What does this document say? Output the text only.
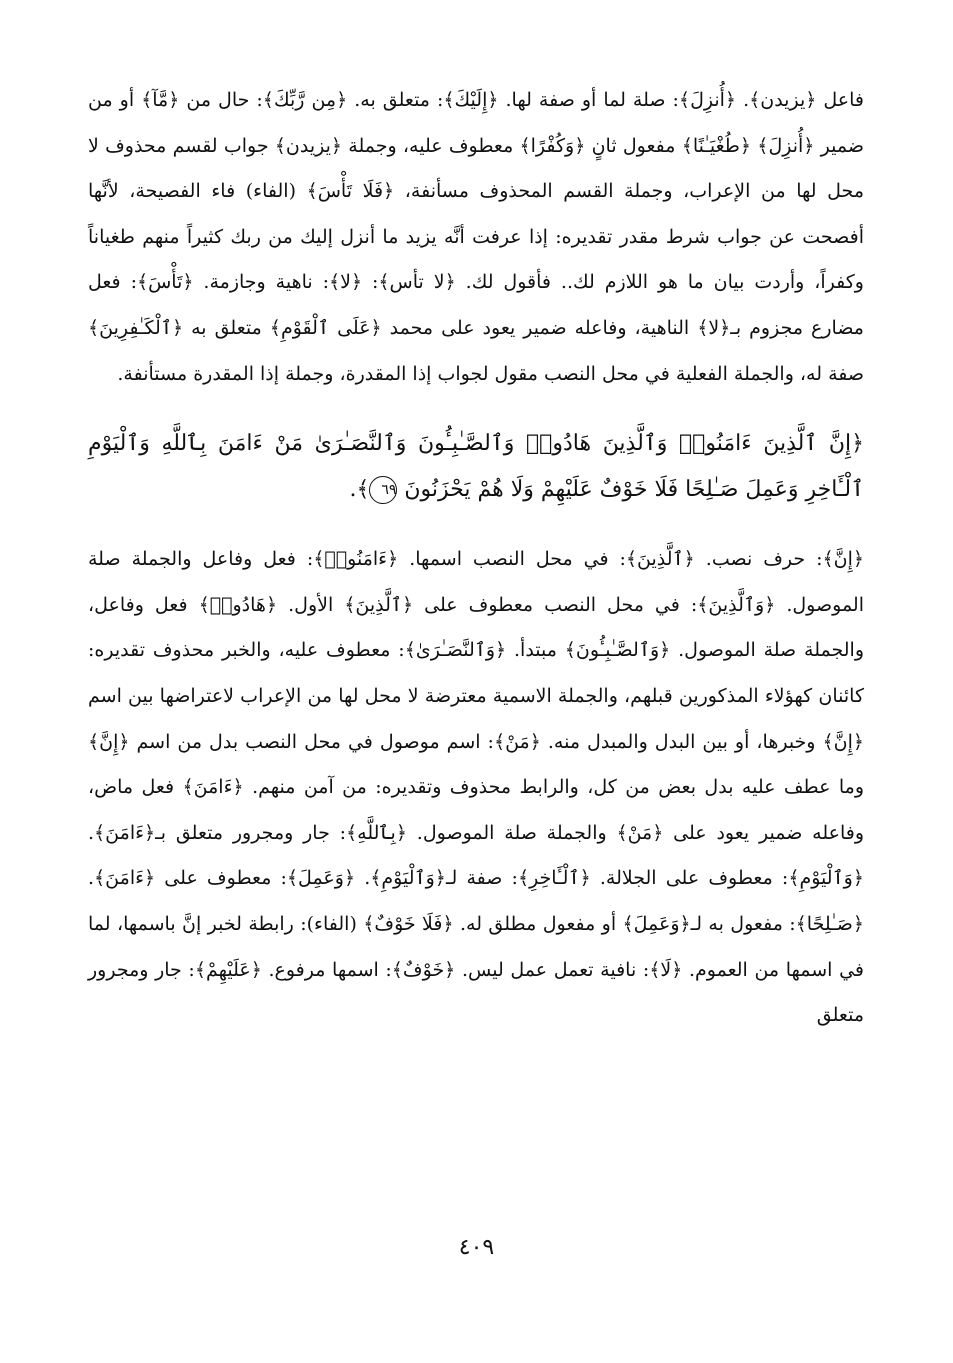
فاعل ﴿يزيدن﴾. ﴿أُنزِلَ﴾: صلة لما أو صفة لها. ﴿إِلَيْكَ﴾: متعلق به. ﴿مِن رَّبِّكَ﴾: حال من ﴿مَّآ﴾ أو من ضمير ﴿أُنزِلَ﴾ ﴿طُغْيَـٰنًا﴾ مفعول ثانٍ ﴿وَكُفْرًا﴾ معطوف عليه، وجملة ﴿يزيدن﴾ جواب لقسم محذوف لا محل لها من الإعراب، وجملة القسم المحذوف مسأنفة، ﴿فَلَا تَأْسَ﴾ (الفاء) فاء الفصيحة، لأنَّها أفصحت عن جواب شرط مقدر تقديره: إذا عرفت أنَّه يزيد ما أنزل إليك من ربك كثيراً منهم طغياناً وكفراً، وأردت بيان ما هو اللازم لك.. فأقول لك. ﴿لا تأس﴾: ﴿لا﴾: ناهية وجازمة. ﴿تَأْسَ﴾: فعل مضارع مجزوم بـ﴿لا﴾ الناهية، وفاعله ضمير يعود على محمد ﴿عَلَى ٱلْقَوْمِ﴾ متعلق به ﴿ٱلْكَـٰفِرِينَ﴾ صفة له، والجملة الفعلية في محل النصب مقول لجواب إذا المقدرة، وجملة إذا المقدرة مستأنفة.

﴿إِنَّ ٱلَّذِينَ ءَامَنُوا۟ وَٱلَّذِينَ هَادُوا۟ وَٱلصَّـٰبِـُٔونَ وَٱلنَّصَـٰرَىٰ مَنْ ءَامَنَ بِٱللَّهِ وَٱلْيَوْمِ ٱلْـَٔاخِرِ وَعَمِلَ صَـٰلِحًا فَلَا خَوْفٌ عَلَيْهِمْ وَلَا هُمْ يَحْزَنُونَ ٦٩﴾.

﴿إِنَّ﴾: حرف نصب. ﴿ٱلَّذِينَ﴾: في محل النصب اسمها. ﴿ءَامَنُوا۟﴾: فعل وفاعل والجملة صلة الموصول. ﴿وَٱلَّذِينَ﴾: في محل النصب معطوف على ﴿ٱلَّذِينَ﴾ الأول. ﴿هَادُوا۟﴾ فعل وفاعل، والجملة صلة الموصول. ﴿وَٱلصَّـٰبِـُٔونَ﴾ مبتدأ. ﴿وَٱلنَّصَـٰرَىٰ﴾: معطوف عليه، والخبر محذوف تقديره: كائنان كهؤلاء المذكورين قبلهم، والجملة الاسمية معترضة لا محل لها من الإعراب لاعتراضها بين اسم ﴿إِنَّ﴾ وخبرها، أو بين البدل والمبدل منه. ﴿مَنْ﴾: اسم موصول في محل النصب بدل من اسم ﴿إِنَّ﴾ وما عطف عليه بدل بعض من كل، والرابط محذوف وتقديره: من آمن منهم. ﴿ءَامَنَ﴾ فعل ماض، وفاعله ضمير يعود على ﴿مَنْ﴾ والجملة صلة الموصول. ﴿بِٱللَّهِ﴾: جار ومجرور متعلق بـ﴿ءَامَنَ﴾. ﴿وَٱلْيَوْمِ﴾: معطوف على الجلالة. ﴿ٱلْـَٔاخِرِ﴾: صفة لـ﴿وَٱلْيَوْمِ﴾. ﴿وَعَمِلَ﴾: معطوف على ﴿ءَامَنَ﴾. ﴿صَـٰلِحًا﴾: مفعول به لـ﴿وَعَمِلَ﴾ أو مفعول مطلق له. ﴿فَلَا خَوْفٌ﴾ (الفاء): رابطة لخبر إنَّ باسمها، لما في اسمها من العموم. ﴿لَا﴾: نافية تعمل عمل ليس. ﴿خَوْفٌ﴾: اسمها مرفوع. ﴿عَلَيْهِمْ﴾: جار ومجرور متعلق

٤٠٩
